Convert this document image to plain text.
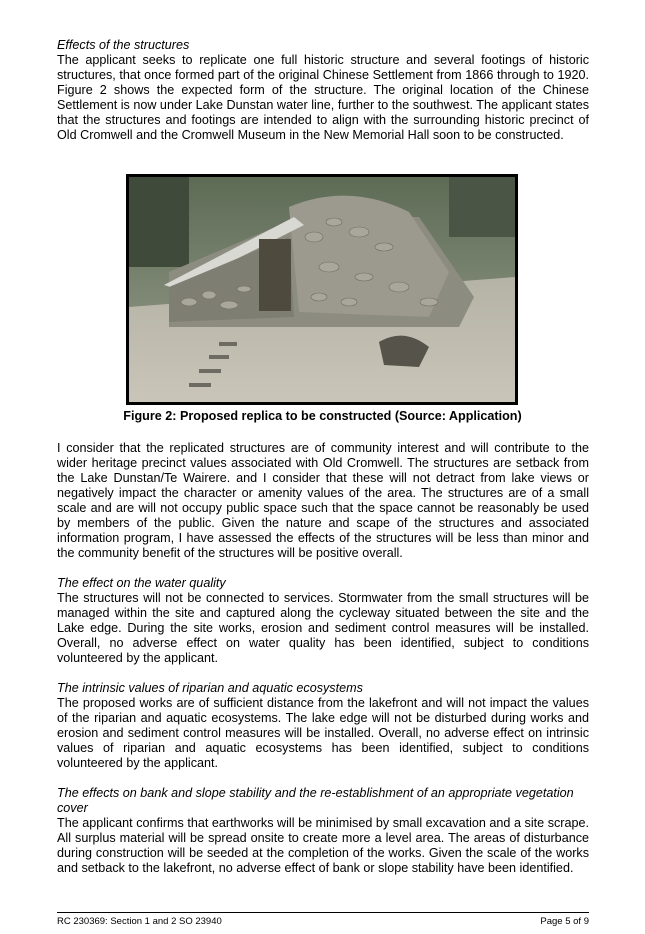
Effects of the structures

The applicant seeks to replicate one full historic structure and several footings of historic structures, that once formed part of the original Chinese Settlement from 1866 through to 1920. Figure 2 shows the expected form of the structure. The original location of the Chinese Settlement is now under Lake Dunstan water line, further to the southwest. The applicant states that the structures and footings are intended to align with the surrounding historic precinct of Old Cromwell and the Cromwell Museum in the New Memorial Hall soon to be constructed.

Figure 2: Proposed replica to be constructed (Source: Application)

I consider that the replicated structures are of community interest and will contribute to the wider heritage precinct values associated with Old Cromwell. The structures are setback from the Lake Dunstan/Te Wairere. and I consider that these will not detract from lake views or negatively impact the character or amenity values of the area. The structures are of a small scale and are will not occupy public space such that the space cannot be reasonably be used by members of the public. Given the nature and scape of the structures and associated information program, I have assessed the effects of the structures will be less than minor and the community benefit of the structures will be positive overall.

The effect on the water quality

The structures will not be connected to services. Stormwater from the small structures will be managed within the site and captured along the cycleway situated between the site and the Lake edge. During the site works, erosion and sediment control measures will be installed. Overall, no adverse effect on water quality has been identified, subject to conditions volunteered by the applicant.

The intrinsic values of riparian and aquatic ecosystems

The proposed works are of sufficient distance from the lakefront and will not impact the values of the riparian and aquatic ecosystems. The lake edge will not be disturbed during works and erosion and sediment control measures will be installed. Overall, no adverse effect on intrinsic values of riparian and aquatic ecosystems has been identified, subject to conditions volunteered by the applicant.

The effects on bank and slope stability and the re-establishment of an appropriate vegetation cover

The applicant confirms that earthworks will be minimised by small excavation and a site scrape. All surplus material will be spread onsite to create more a level area. The areas of disturbance during construction will be seeded at the completion of the works. Given the scale of the works and setback to the lakefront, no adverse effect of bank or slope stability have been identified.

RC 230369: Section 1 and 2 SO 23940	Page 5 of 9
